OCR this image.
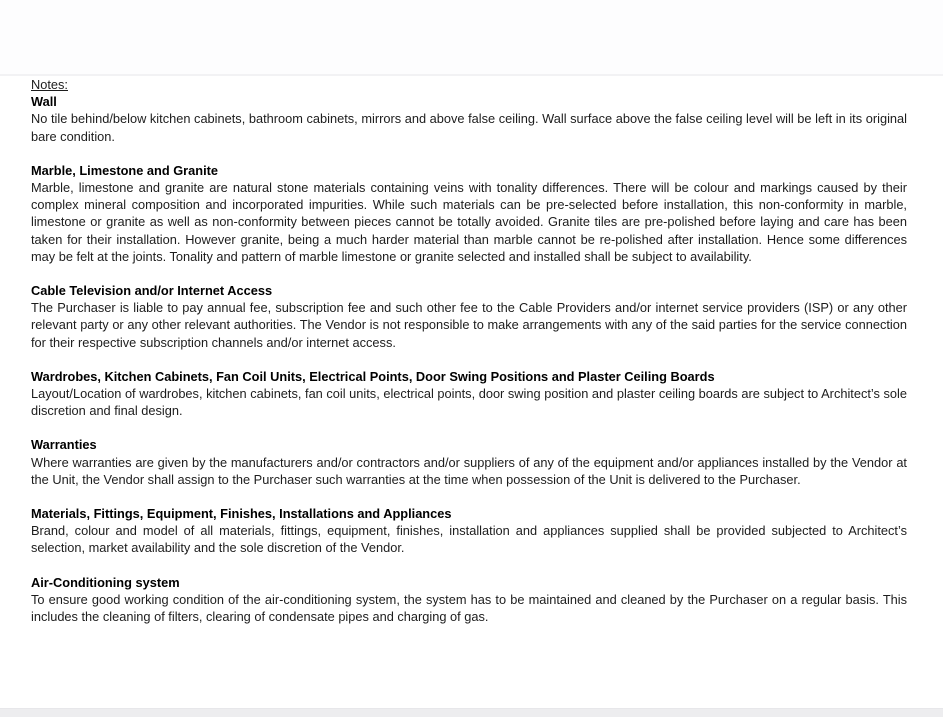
Notes:
Wall

No tile behind/below kitchen cabinets, bathroom cabinets, mirrors and above false ceiling. Wall surface above the false ceiling level will be left in its original bare condition.

Marble, Limestone and Granite

Marble, limestone and granite are natural stone materials containing veins with tonality differences. There will be colour and markings caused by their complex mineral composition and incorporated impurities. While such materials can be pre-selected before installation, this non-conformity in marble, limestone or granite as well as non-conformity between pieces cannot be totally avoided. Granite tiles are pre-polished before laying and care has been taken for their installation. However granite, being a much harder material than marble cannot be re-polished after installation. Hence some differences may be felt at the joints. Tonality and pattern of marble limestone or granite selected and installed shall be subject to availability.

Cable Television and/or Internet Access

The Purchaser is liable to pay annual fee, subscription fee and such other fee to the Cable Providers and/or internet service providers (ISP) or any other relevant party or any other relevant authorities. The Vendor is not responsible to make arrangements with any of the said parties for the service connection for their respective subscription channels and/or internet access.

Wardrobes, Kitchen Cabinets, Fan Coil Units, Electrical Points, Door Swing Positions and Plaster Ceiling Boards

Layout/Location of wardrobes, kitchen cabinets, fan coil units, electrical points, door swing position and plaster ceiling boards are subject to Architect’s sole discretion and final design.

Warranties

Where warranties are given by the manufacturers and/or contractors and/or suppliers of any of the equipment and/or appliances installed by the Vendor at the Unit, the Vendor shall assign to the Purchaser such warranties at the time when possession of the Unit is delivered to the Purchaser.

Materials, Fittings, Equipment, Finishes, Installations and Appliances

Brand, colour and model of all materials, fittings, equipment, finishes, installation and appliances supplied shall be provided subjected to Architect’s selection, market availability and the sole discretion of the Vendor.

Air-Conditioning system

To ensure good working condition of the air-conditioning system, the system has to be maintained and cleaned by the Purchaser on a regular basis. This includes the cleaning of filters, clearing of condensate pipes and charging of gas.
